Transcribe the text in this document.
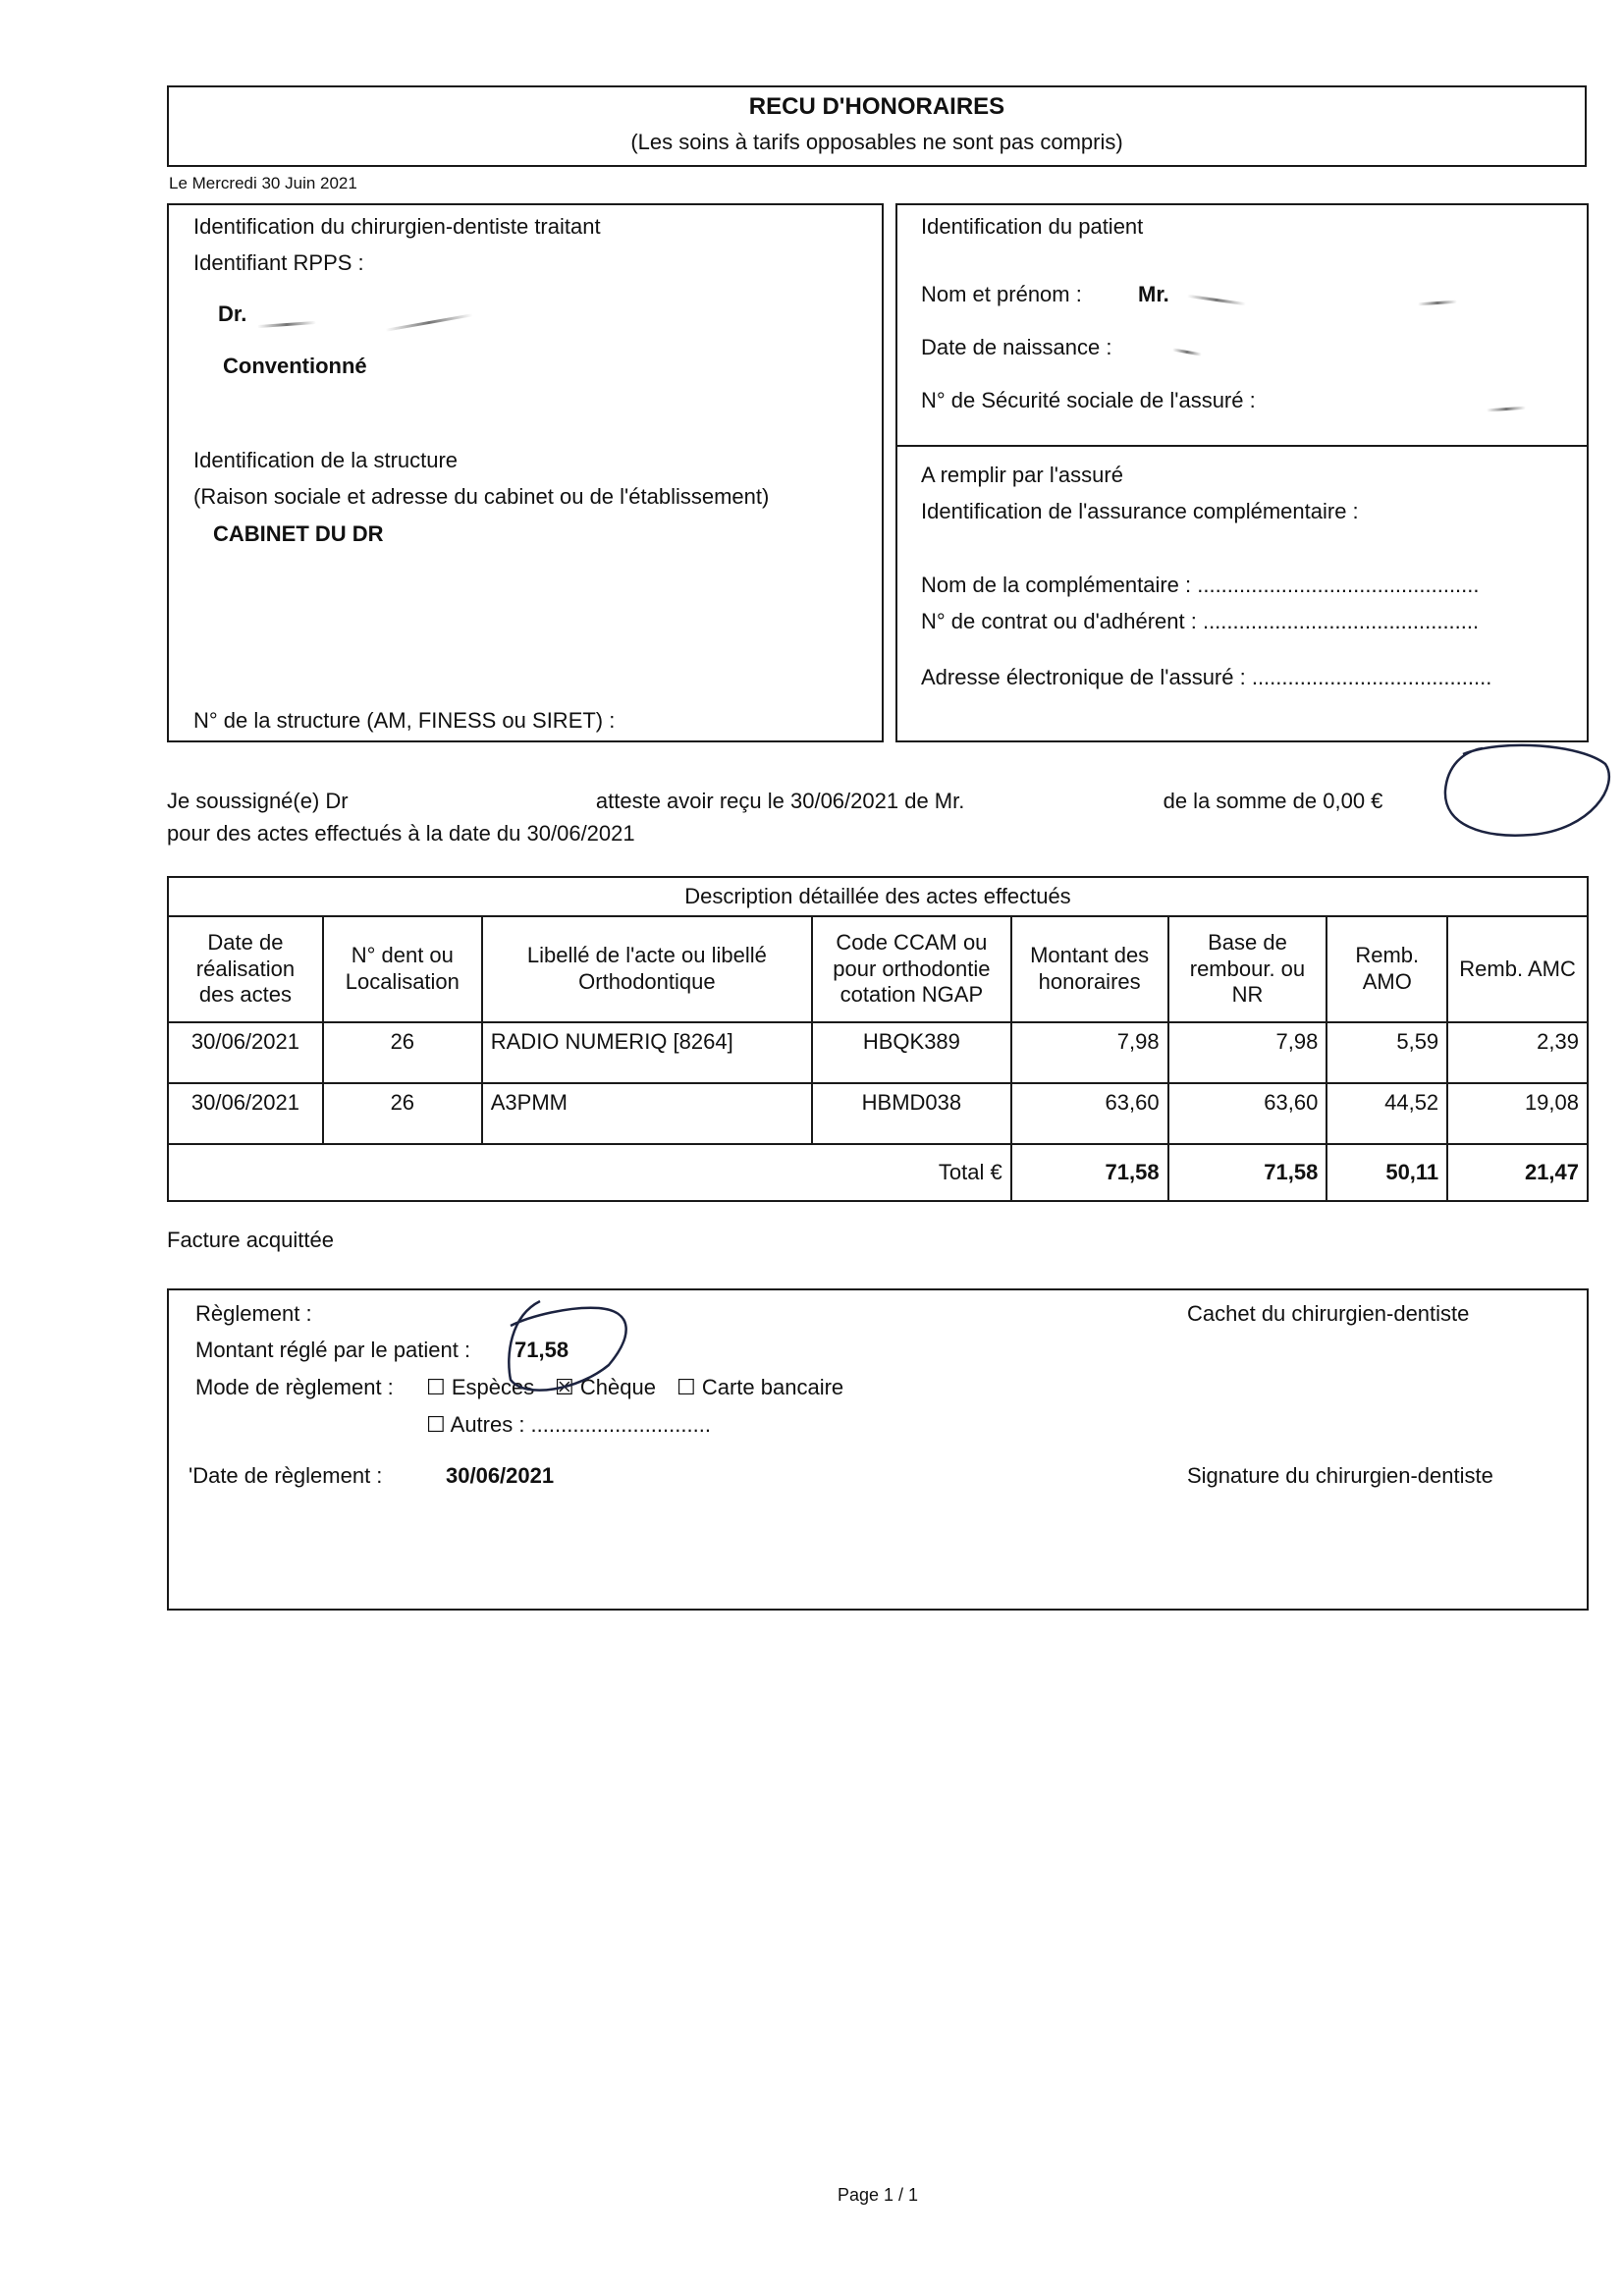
RECU D'HONORAIRES
(Les soins à tarifs opposables ne sont pas compris)
Le Mercredi 30 Juin 2021
Identification du chirurgien-dentiste traitant
Identifiant RPPS :
Dr.
Conventionné
Identification de la structure
(Raison sociale et adresse du cabinet ou de l'établissement)
CABINET DU DR
N° de la structure (AM, FINESS ou SIRET) :
Identification du patient
Nom et prénom :	Mr.
Date de naissance :
N° de Sécurité sociale de l'assuré :
A remplir par l'assuré
Identification de l'assurance complémentaire :
Nom de la complémentaire : ...............................................
N° de contrat ou d'adhérent : ..............................................
Adresse électronique de l'assuré : ........................................
Je soussigné(e) Dr	atteste avoir reçu le 30/06/2021 de Mr.	de la somme de 0,00 €
pour des actes effectués à la date du 30/06/2021
Description détaillée des actes effectués							
Date de réalisation des actes	N° dent ou Localisation	Libellé de l'acte ou libellé Orthodontique	Code CCAM ou pour orthodontie cotation NGAP	Montant des honoraires	Base de rembour. ou NR	Remb. AMO	Remb. AMC
30/06/2021	26	RADIO NUMERIQ [8264]	HBQK389	7,98	7,98	5,59	2,39
30/06/2021	26	A3PMM	HBMD038	63,60	63,60	44,52	19,08
Total €				71,58	71,58	50,11	21,47
Facture acquittée
Règlement :
Montant réglé par le patient : 71,58
Mode de règlement : ☐ Espèces ☒ Chèque ☐ Carte bancaire
☐ Autres : ..............................
'Date de règlement :	30/06/2021
Cachet du chirurgien-dentiste
Signature du chirurgien-dentiste
Page 1 / 1
